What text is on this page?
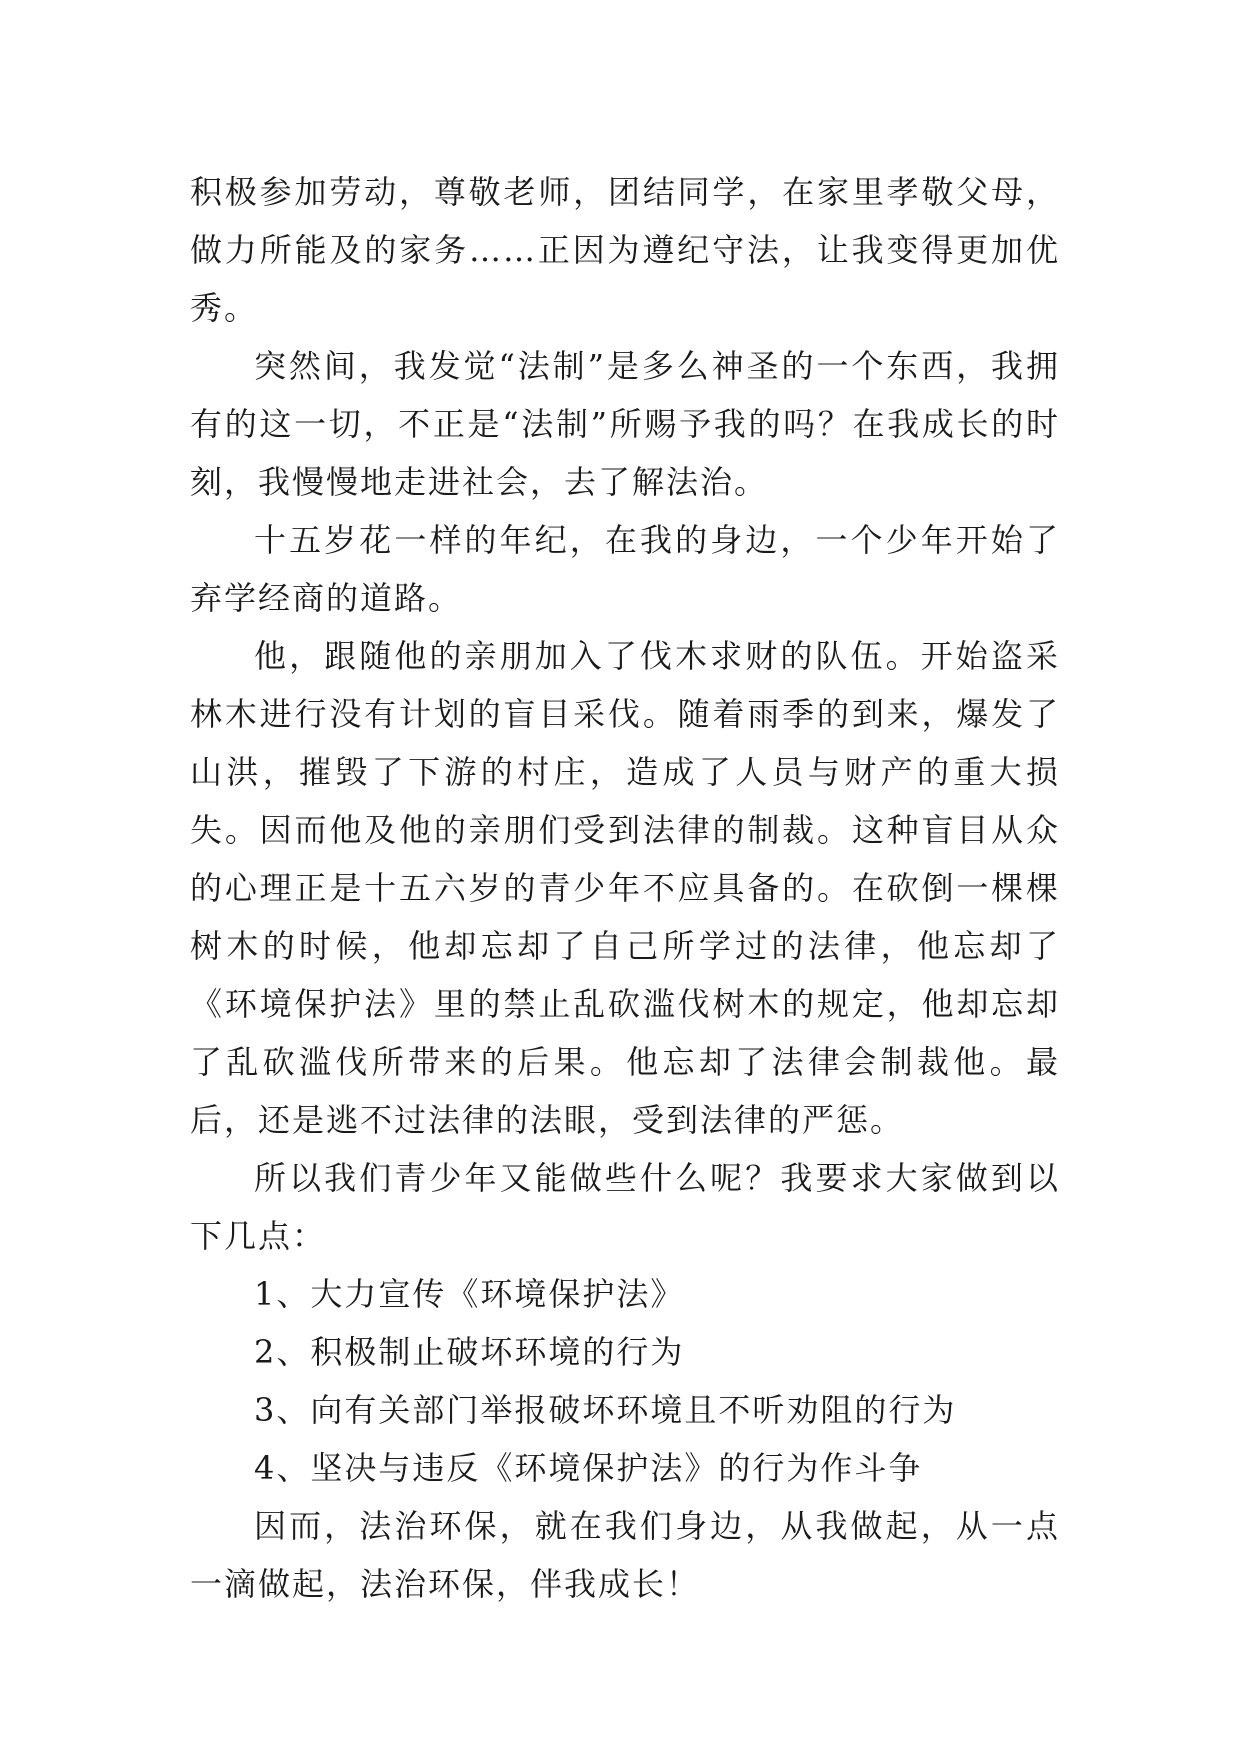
积极参加劳动，尊敬老师，团结同学，在家里孝敬父母，做力所能及的家务……正因为遵纪守法，让我变得更加优秀。

突然间，我发觉“法制”是多么神圣的一个东西，我拥有的这一切，不正是“法制”所赐予我的吗？在我成长的时刻，我慢慢地走进社会，去了解法治。

十五岁花一样的年纪，在我的身边，一个少年开始了弃学经商的道路。

他，跟随他的亲朋加入了伐木求财的队伍。开始盗采林木进行没有计划的盲目采伐。随着雨季的到来，爆发了山洪，摧毁了下游的村庄，造成了人员与财产的重大损失。因而他及他的亲朋们受到法律的制裁。这种盲目从众的心理正是十五六岁的青少年不应具备的。在砍倒一棵棵树木的时候，他却忘却了自己所学过的法律，他忘却了《环境保护法》里的禁止乱砍滥伐树木的规定，他却忘却了乱砍滥伐所带来的后果。他忘却了法律会制裁他。最后，还是逃不过法律的法眼，受到法律的严惩。

所以我们青少年又能做些什么呢？我要求大家做到以下几点：

1、大力宣传《环境保护法》

2、积极制止破坏环境的行为

3、向有关部门举报破坏环境且不听劝阻的行为

4、坚决与违反《环境保护法》的行为作斗争

因而，法治环保，就在我们身边，从我做起，从一点一滴做起，法治环保，伴我成长！
